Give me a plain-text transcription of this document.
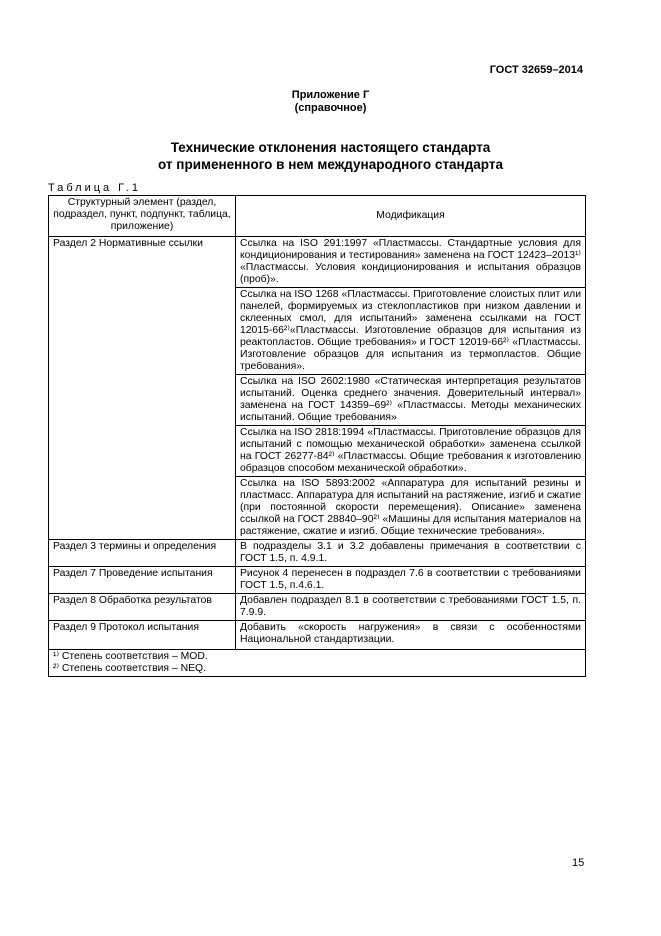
ГОСТ 32659–2014
Приложение Г
(справочное)
Технические отклонения настоящего стандарта
от примененного в нем международного стандарта
Таблица Г.1
Структурный элемент (раздел, подраздел, пункт, подпункт, таблица, приложение)	Модификация
Раздел 2 Нормативные ссылки	Ссылка на ISO 291:1997 «Пластмассы. Стандартные условия для кондиционирования и тестирования» заменена на ГОСТ 12423–2013¹⁾ «Пластмассы. Условия кондиционирования и испытания образцов (проб)».
	Ссылка на ISO 1268 «Пластмассы. Приготовление слоистых плит или панелей, формируемых из стеклопластиков при низком давлении и склеенных смол, для испытаний» заменена ссылками на ГОСТ 12015-66²⁾«Пластмассы. Изготовление образцов для испытания из реактопластов. Общие требования» и ГОСТ 12019-66²⁾ «Пластмассы. Изготовление образцов для испытания из термопластов. Общие требования».
	Ссылка на ISO 2602:1980 «Статическая интерпретация результатов испытаний. Оценка среднего значения. Доверительный интервал» заменена на ГОСТ 14359–69²⁾ «Пластмассы. Методы механических испытаний. Общие требования»
	Ссылка на ISO 2818:1994 «Пластмассы. Приготовление образцов для испытаний с помощью механической обработки» заменена ссылкой на ГОСТ 26277-84²⁾ «Пластмассы. Общие требования к изготовлению образцов способом механической обработки».
	Ссылка на ISO 5893:2002 «Аппаратура для испытаний резины и пластмасс. Аппаратура для испытаний на растяжение, изгиб и сжатие (при постоянной скорости перемещения). Описание» заменена ссылкой на ГОСТ 28840–90²⁾ «Машины для испытания материалов на растяжение, сжатие и изгиб. Общие технические требования».
Раздел 3 термины и определения	В подразделы 3.1 и 3.2 добавлены примечания в соответствии с ГОСТ 1.5, п. 4.9.1.
Раздел 7 Проведение испытания	Рисунок 4 перенесен в подраздел 7.6 в соответствии с требованиями ГОСТ 1.5, п.4.6.1.
Раздел 8 Обработка результатов	Добавлен подраздел 8.1 в соответствии с требованиями ГОСТ 1.5, п. 7.9.9.
Раздел 9 Протокол испытания	Добавить «скорость нагружения» в связи с особенностями Национальной стандартизации.

¹⁾ Степень соответствия – MOD.
²⁾ Степень соответствия – NEQ.	
15
